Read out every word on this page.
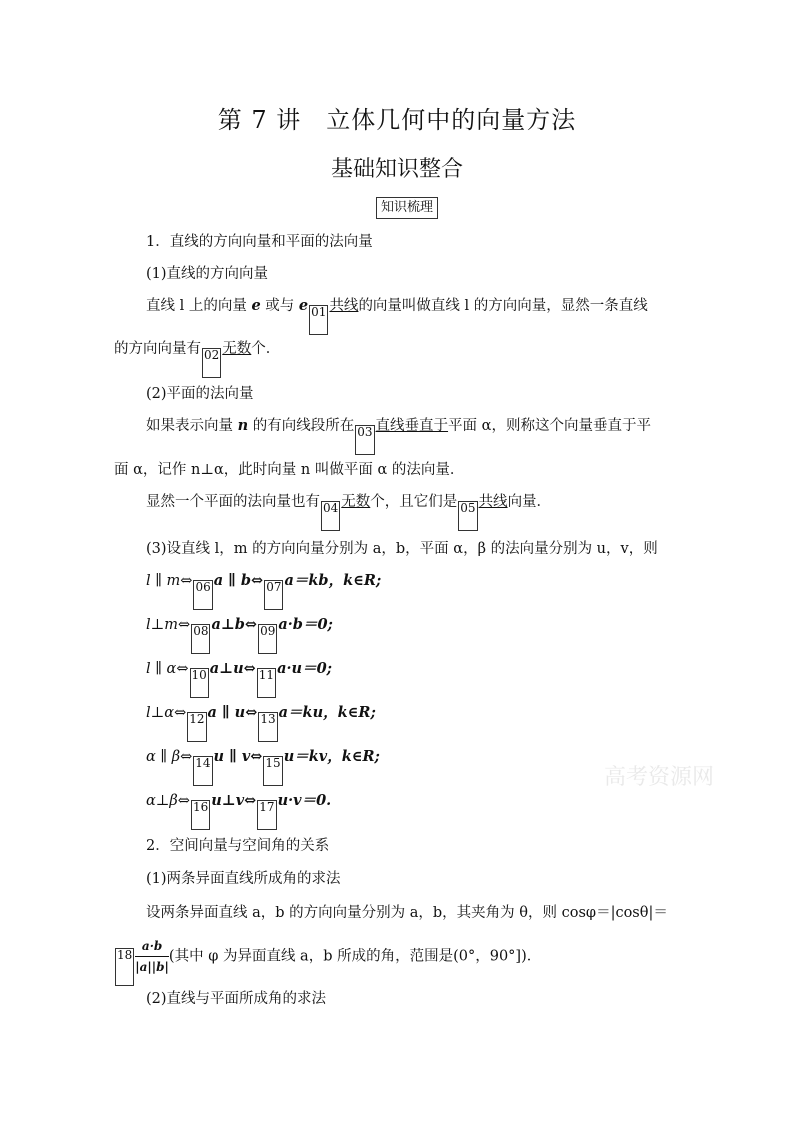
第 7 讲　立体几何中的向量方法
基础知识整合
知识梳理
1．直线的方向向量和平面的法向量
(1)直线的方向向量
直线 l 上的向量 e 或与 e 01 共线的向量叫做直线 l 的方向向量，显然一条直线
的方向向量有 02 无数个．
(2)平面的法向量
如果表示向量 n 的有向线段所在 03 直线垂直于平面 α，则称这个向量垂直于平
面 α，记作 n⊥α，此时向量 n 叫做平面 α 的法向量．
显然一个平面的法向量也有 04 无数个，且它们是 05 共线向量．
(3)设直线 l，m 的方向向量分别为 a，b，平面 α，β 的法向量分别为 u，v，则
l ∥ m⇔ 06 a ∥ b⇔ 07 a＝kb，k∈R;
l⊥m⇔ 08 a⊥b⇔ 09 a·b＝0;
l ∥ α⇔ 10 a⊥u⇔ 11 a·u＝0;
l⊥α⇔ 12 a ∥ u⇔ 13 a＝ku，k∈R;
α ∥ β⇔ 14 u ∥ v⇔ 15 u＝kv，k∈R;
α⊥β⇔ 16 u⊥v⇔ 17 u·v＝0.
2．空间向量与空间角的关系
(1)两条异面直线所成角的求法
设两条异面直线 a，b 的方向向量分别为 a，b，其夹角为 θ，则 cosφ＝|cosθ|＝
$18 \frac{a\cdot b}{|a||b|}$ (其中 φ 为异面直线 a，b 所成的角，范围是(0°，90°])．
(2)直线与平面所成角的求法
高考资源网
